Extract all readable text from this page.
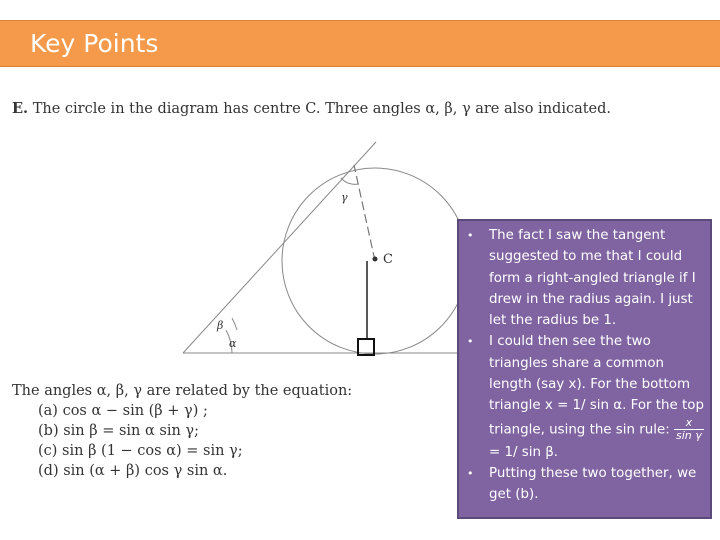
Key Points
E. The circle in the diagram has centre C. Three angles α, β, γ are also indicated.
C
α
β
γ
The angles α, β, γ are related by the equation:
(a) cos α − sin (β + γ) ;
(b) sin β = sin α sin γ;
(c) sin β (1 − cos α) = sin γ;
(d) sin (α + β) cos γ sin α.
• The fact I saw the tangent suggested to me that I could form a right-angled triangle if I drew in the radius again. I just let the radius be 1.
• I could then see the two triangles share a common length (say x). For the bottom triangle x = 1/ sin α. For the top triangle, using the sin rule: $\frac{x}{\text{sin γ}}$
= 1/ sin β.
• Putting these two together, we get (b).
